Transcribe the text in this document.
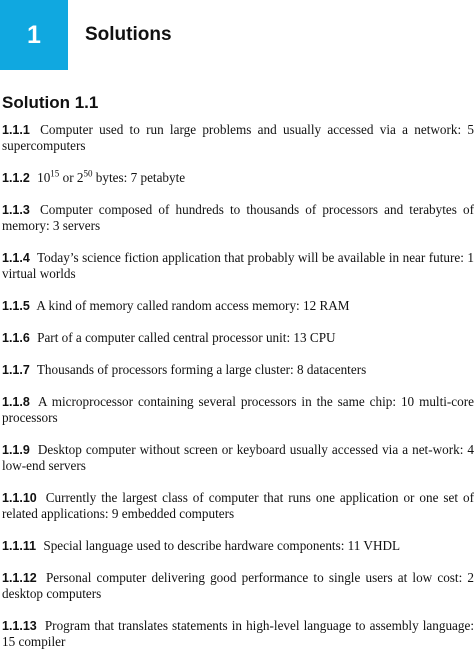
1 Solutions
Solution 1.1
1.1.1 Computer used to run large problems and usually accessed via a network: 5 supercomputers
1.1.2 $10^{15}$ or $2^{50}$ bytes: 7 petabyte
1.1.3 Computer composed of hundreds to thousands of processors and terabytes of memory: 3 servers
1.1.4 Today’s science fiction application that probably will be available in near future: 1 virtual worlds
1.1.5 A kind of memory called random access memory: 12 RAM
1.1.6 Part of a computer called central processor unit: 13 CPU
1.1.7 Thousands of processors forming a large cluster: 8 datacenters
1.1.8 A microprocessor containing several processors in the same chip: 10 multi-core processors
1.1.9 Desktop computer without screen or keyboard usually accessed via a net-work: 4 low-end servers
1.1.10 Currently the largest class of computer that runs one application or one set of related applications: 9 embedded computers
1.1.11 Special language used to describe hardware components: 11 VHDL
1.1.12 Personal computer delivering good performance to single users at low cost: 2 desktop computers
1.1.13 Program that translates statements in high-level language to assembly language: 15 compiler
